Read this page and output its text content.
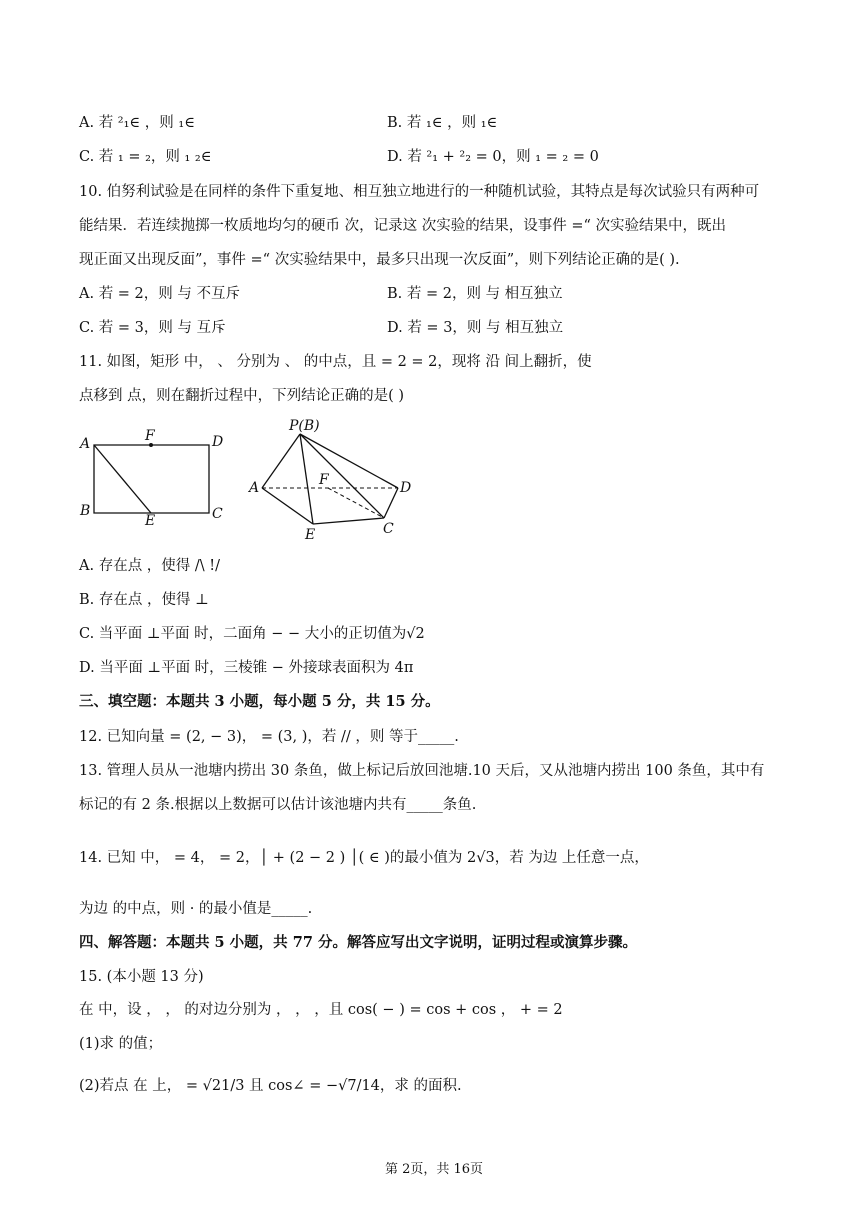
A. 若 ²₁∈ ，则 ₁∈	B. 若 ₁∈ ，则 ₁∈
C. 若 ₁ = ₂，则 ₁ ₂∈	D. 若 ²₁ + ²₂ = 0，则 ₁ = ₂ = 0
10. 伯努利试验是在同样的条件下重复地、相互独立地进行的一种随机试验，其特点是每次试验只有两种可
能结果．若连续抛掷一枚质地均匀的硬币 次，记录这 次实验的结果，设事件 =“ 次实验结果中，既出
现正面又出现反面”，事件 =“ 次实验结果中，最多只出现一次反面”，则下列结论正确的是( ).
A. 若 = 2，则 与 不互斥	B. 若 = 2，则 与 相互独立
C. 若 = 3，则 与 互斥	D. 若 = 3，则 与 相互独立
11. 如图，矩形 中， 、 分别为 、 的中点，且 = 2 = 2，现将 沿 间上翻折，使
点移到 点，则在翻折过程中，下列结论正确的是( )
A	F	D
B
E	C
P(B)
A	F	D
E	C
A. 存在点 ，使得 /\ !/
B. 存在点 ，使得 ⊥
C. 当平面 ⊥平面 时，二面角 − − 大小的正切值为√2
D. 当平面 ⊥平面 时，三棱锥 − 外接球表面积为 4π
三、填空题：本题共 3 小题，每小题 5 分，共 15 分。
12. 已知向量 = (2, − 3)， = (3, )，若 // ，则 等于_____.
13. 管理人员从一池塘内捞出 30 条鱼，做上标记后放回池塘.10 天后，又从池塘内捞出 100 条鱼，其中有
标记的有 2 条.根据以上数据可以估计该池塘内共有_____条鱼.
14. 已知 中， = 4， = 2，│ + (2 − 2 ) │( ∈ )的最小值为 2√3，若 为边 上任意一点，
为边 的中点，则 · 的最小值是_____.
四、解答题：本题共 5 小题，共 77 分。解答应写出文字说明，证明过程或演算步骤。
15. (本小题 13 分)
在 中，设 ， ， 的对边分别为 ， ， ，且 cos( − ) = cos + cos ， + = 2
(1)求 的值；
(2)若点 在 上， = √21/3 且 cos∠ = −√7/14，求 的面积.
第 2页，共 16页
